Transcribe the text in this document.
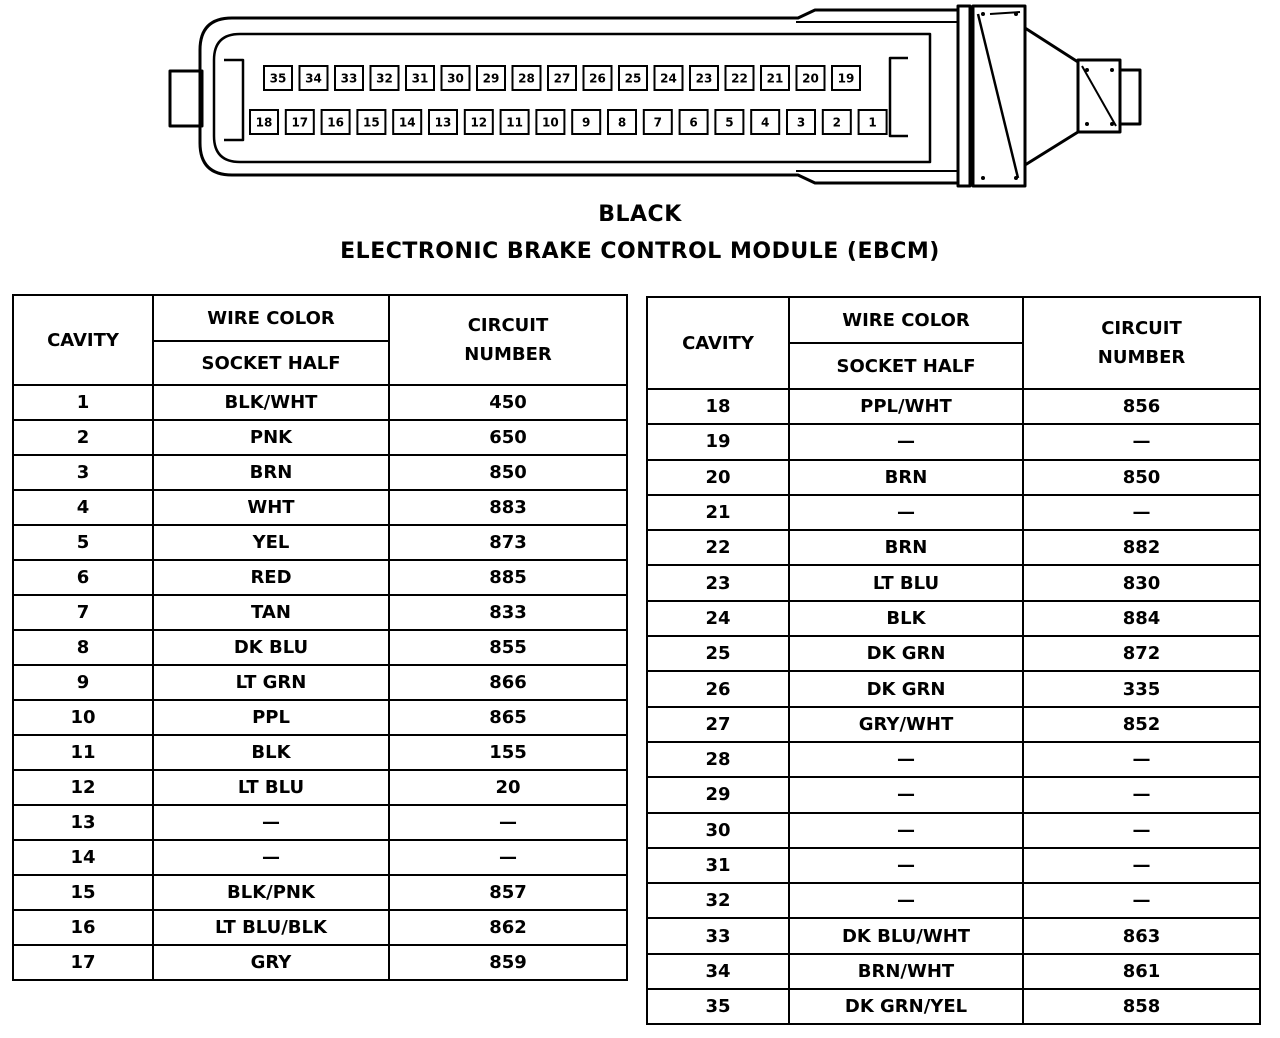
35 34 33 32 31 30 29 28 27 26 25 24 23 22 21 20 19
18 17 16 15 14 13 12 11 10 9 8 7 6 5 4 3 2 1
BLACK
ELECTRONIC BRAKE CONTROL MODULE (EBCM)
CAVITY	WIRE COLOR	CIRCUIT
NUMBER

	SOCKET HALF	
1	BLK/WHT	450
2	PNK	650
3	BRN	850
4	WHT	883
5	YEL	873
6	RED	885
7	TAN	833
8	DK BLU	855
9	LT GRN	866
10	PPL	865
11	BLK	155
12	LT BLU	20
13	—	—
14	—	—
15	BLK/PNK	857
16	LT BLU/BLK	862
17	GRY	859
CAVITY	WIRE COLOR	CIRCUIT
NUMBER

	SOCKET HALF	
18	PPL/WHT	856
19	—	—
20	BRN	850
21	—	—
22	BRN	882
23	LT BLU	830
24	BLK	884
25	DK GRN	872
26	DK GRN	335
27	GRY/WHT	852
28	—	—
29	—	—
30	—	—
31	—	—
32	—	—
33	DK BLU/WHT	863
34	BRN/WHT	861
35	DK GRN/YEL	858
